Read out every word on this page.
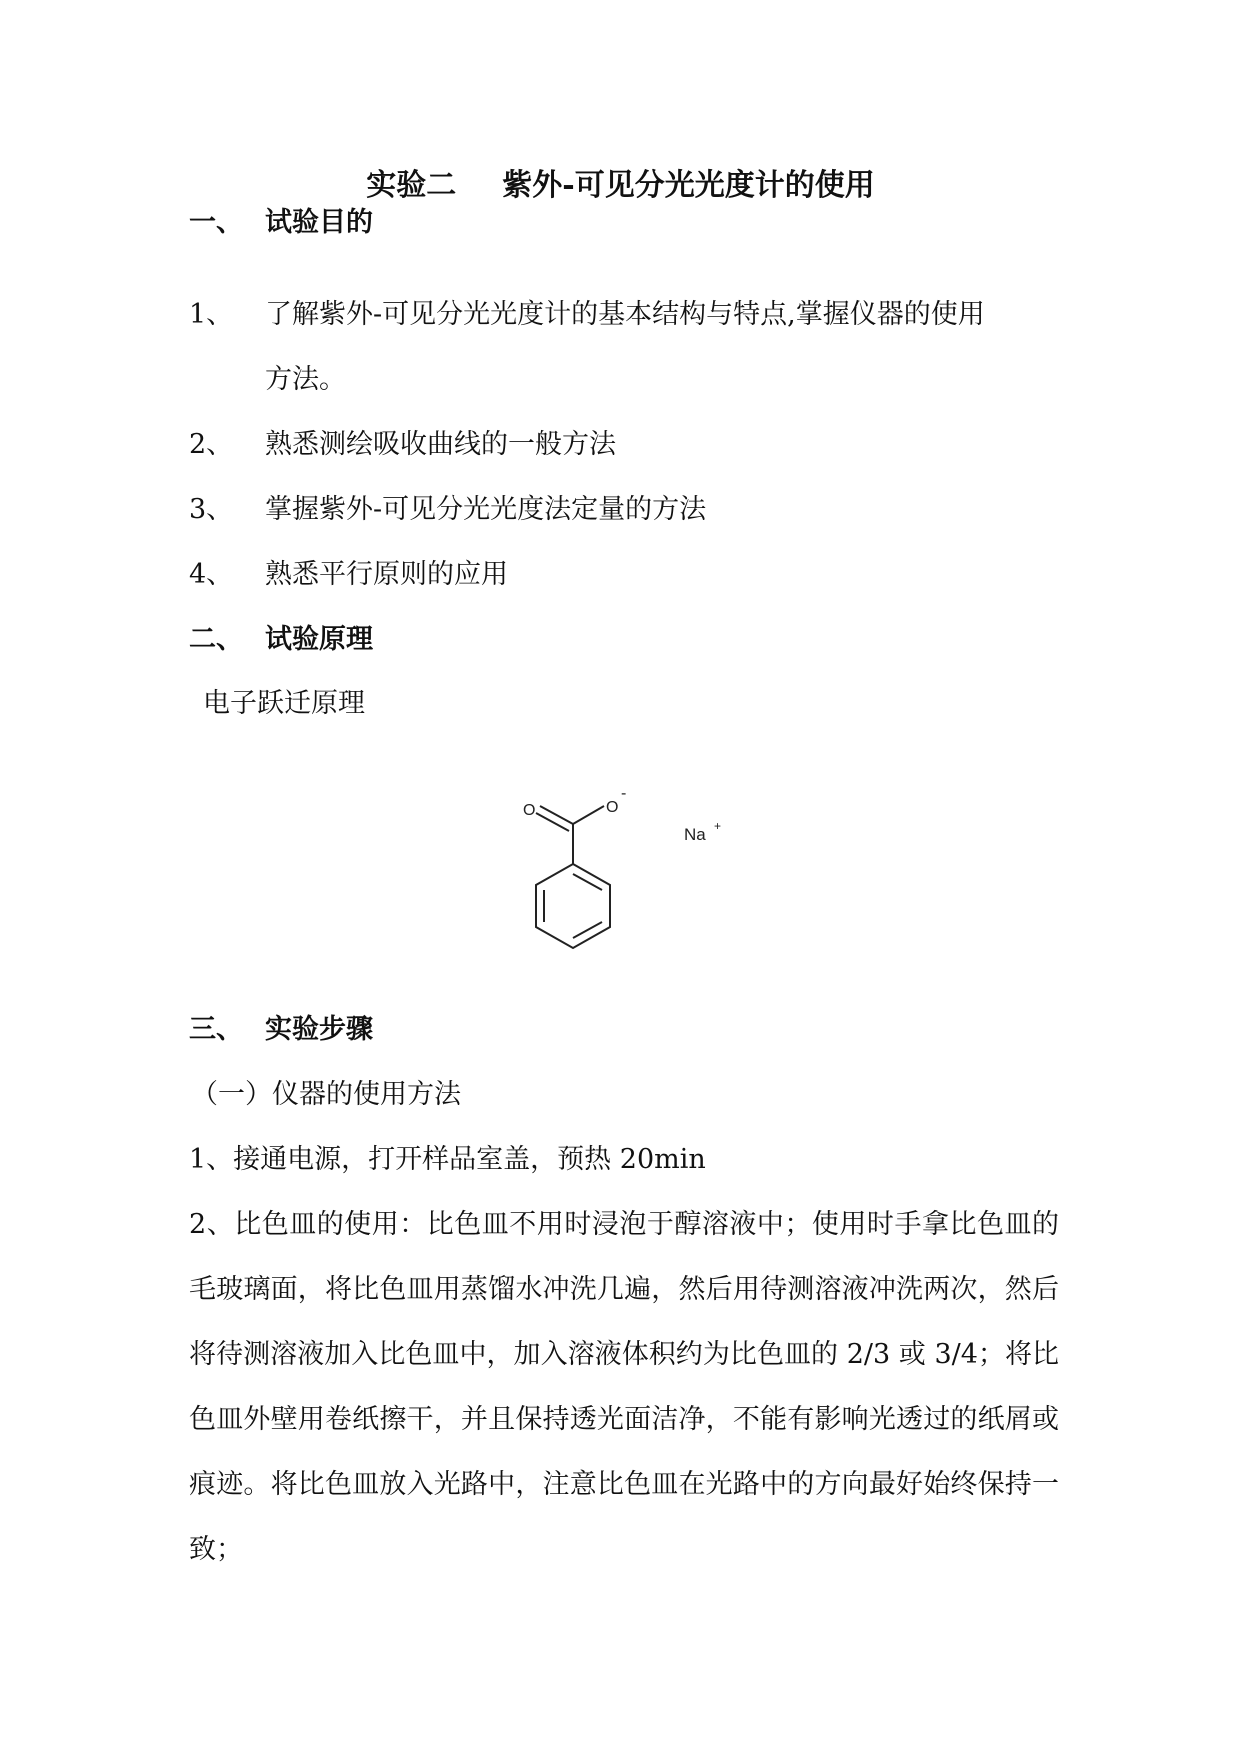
实验二 紫外-可见分光光度计的使用
一、 试验目的
1、 了解紫外-可见分光光度计的基本结构与特点,掌握仪器的使用
方法。
2、 熟悉测绘吸收曲线的一般方法
3、 掌握紫外-可见分光光度法定量的方法
4、 熟悉平行原则的应用
二、 试验原理
电子跃迁原理
O	O
-
Na +
三、 实验步骤
（一）仪器的使用方法
1、接通电源，打开样品室盖，预热 20min
2、比色皿的使用：比色皿不用时浸泡于醇溶液中；使用时手拿比色皿的毛玻璃面，将比色皿用蒸馏水冲洗几遍，然后用待测溶液冲洗两次，然后将待测溶液加入比色皿中，加入溶液体积约为比色皿的 2/3 或 3/4；将比色皿外壁用卷纸擦干，并且保持透光面洁净，不能有影响光透过的纸屑或痕迹。将比色皿放入光路中，注意比色皿在光路中的方向最好始终保持一致；
